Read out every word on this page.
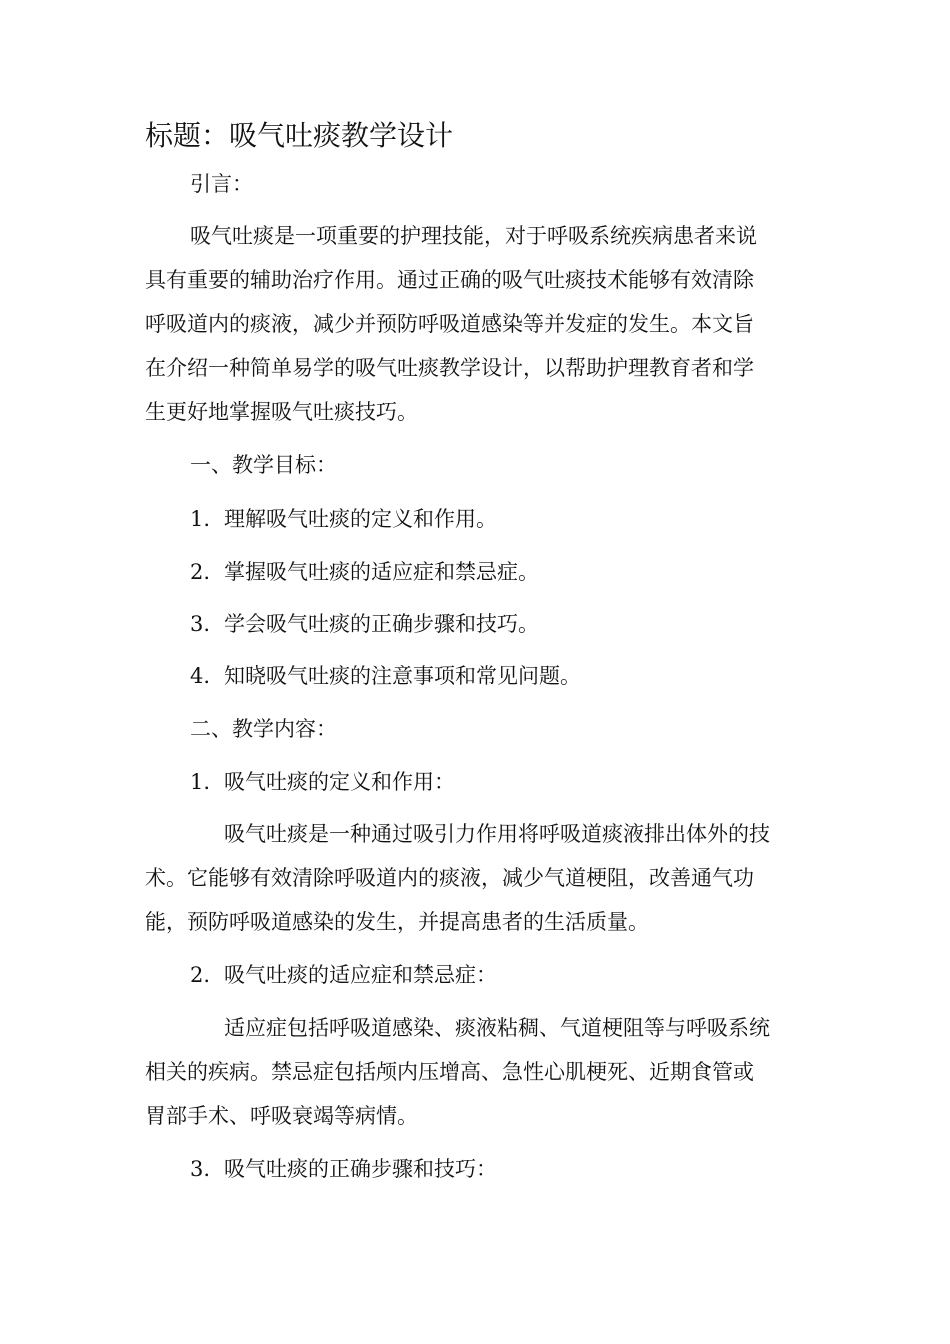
标题：吸气吐痰教学设计
引言：
吸气吐痰是一项重要的护理技能，对于呼吸系统疾病患者来说
具有重要的辅助治疗作用。通过正确的吸气吐痰技术能够有效清除
呼吸道内的痰液，减少并预防呼吸道感染等并发症的发生。本文旨
在介绍一种简单易学的吸气吐痰教学设计，以帮助护理教育者和学
生更好地掌握吸气吐痰技巧。
一、教学目标：
1. 理解吸气吐痰的定义和作用。
2. 掌握吸气吐痰的适应症和禁忌症。
3. 学会吸气吐痰的正确步骤和技巧。
4. 知晓吸气吐痰的注意事项和常见问题。
二、教学内容：
1. 吸气吐痰的定义和作用：
吸气吐痰是一种通过吸引力作用将呼吸道痰液排出体外的技
术。它能够有效清除呼吸道内的痰液，减少气道梗阻，改善通气功
能，预防呼吸道感染的发生，并提高患者的生活质量。
2. 吸气吐痰的适应症和禁忌症：
适应症包括呼吸道感染、痰液粘稠、气道梗阻等与呼吸系统
相关的疾病。禁忌症包括颅内压增高、急性心肌梗死、近期食管或
胃部手术、呼吸衰竭等病情。
3. 吸气吐痰的正确步骤和技巧：
